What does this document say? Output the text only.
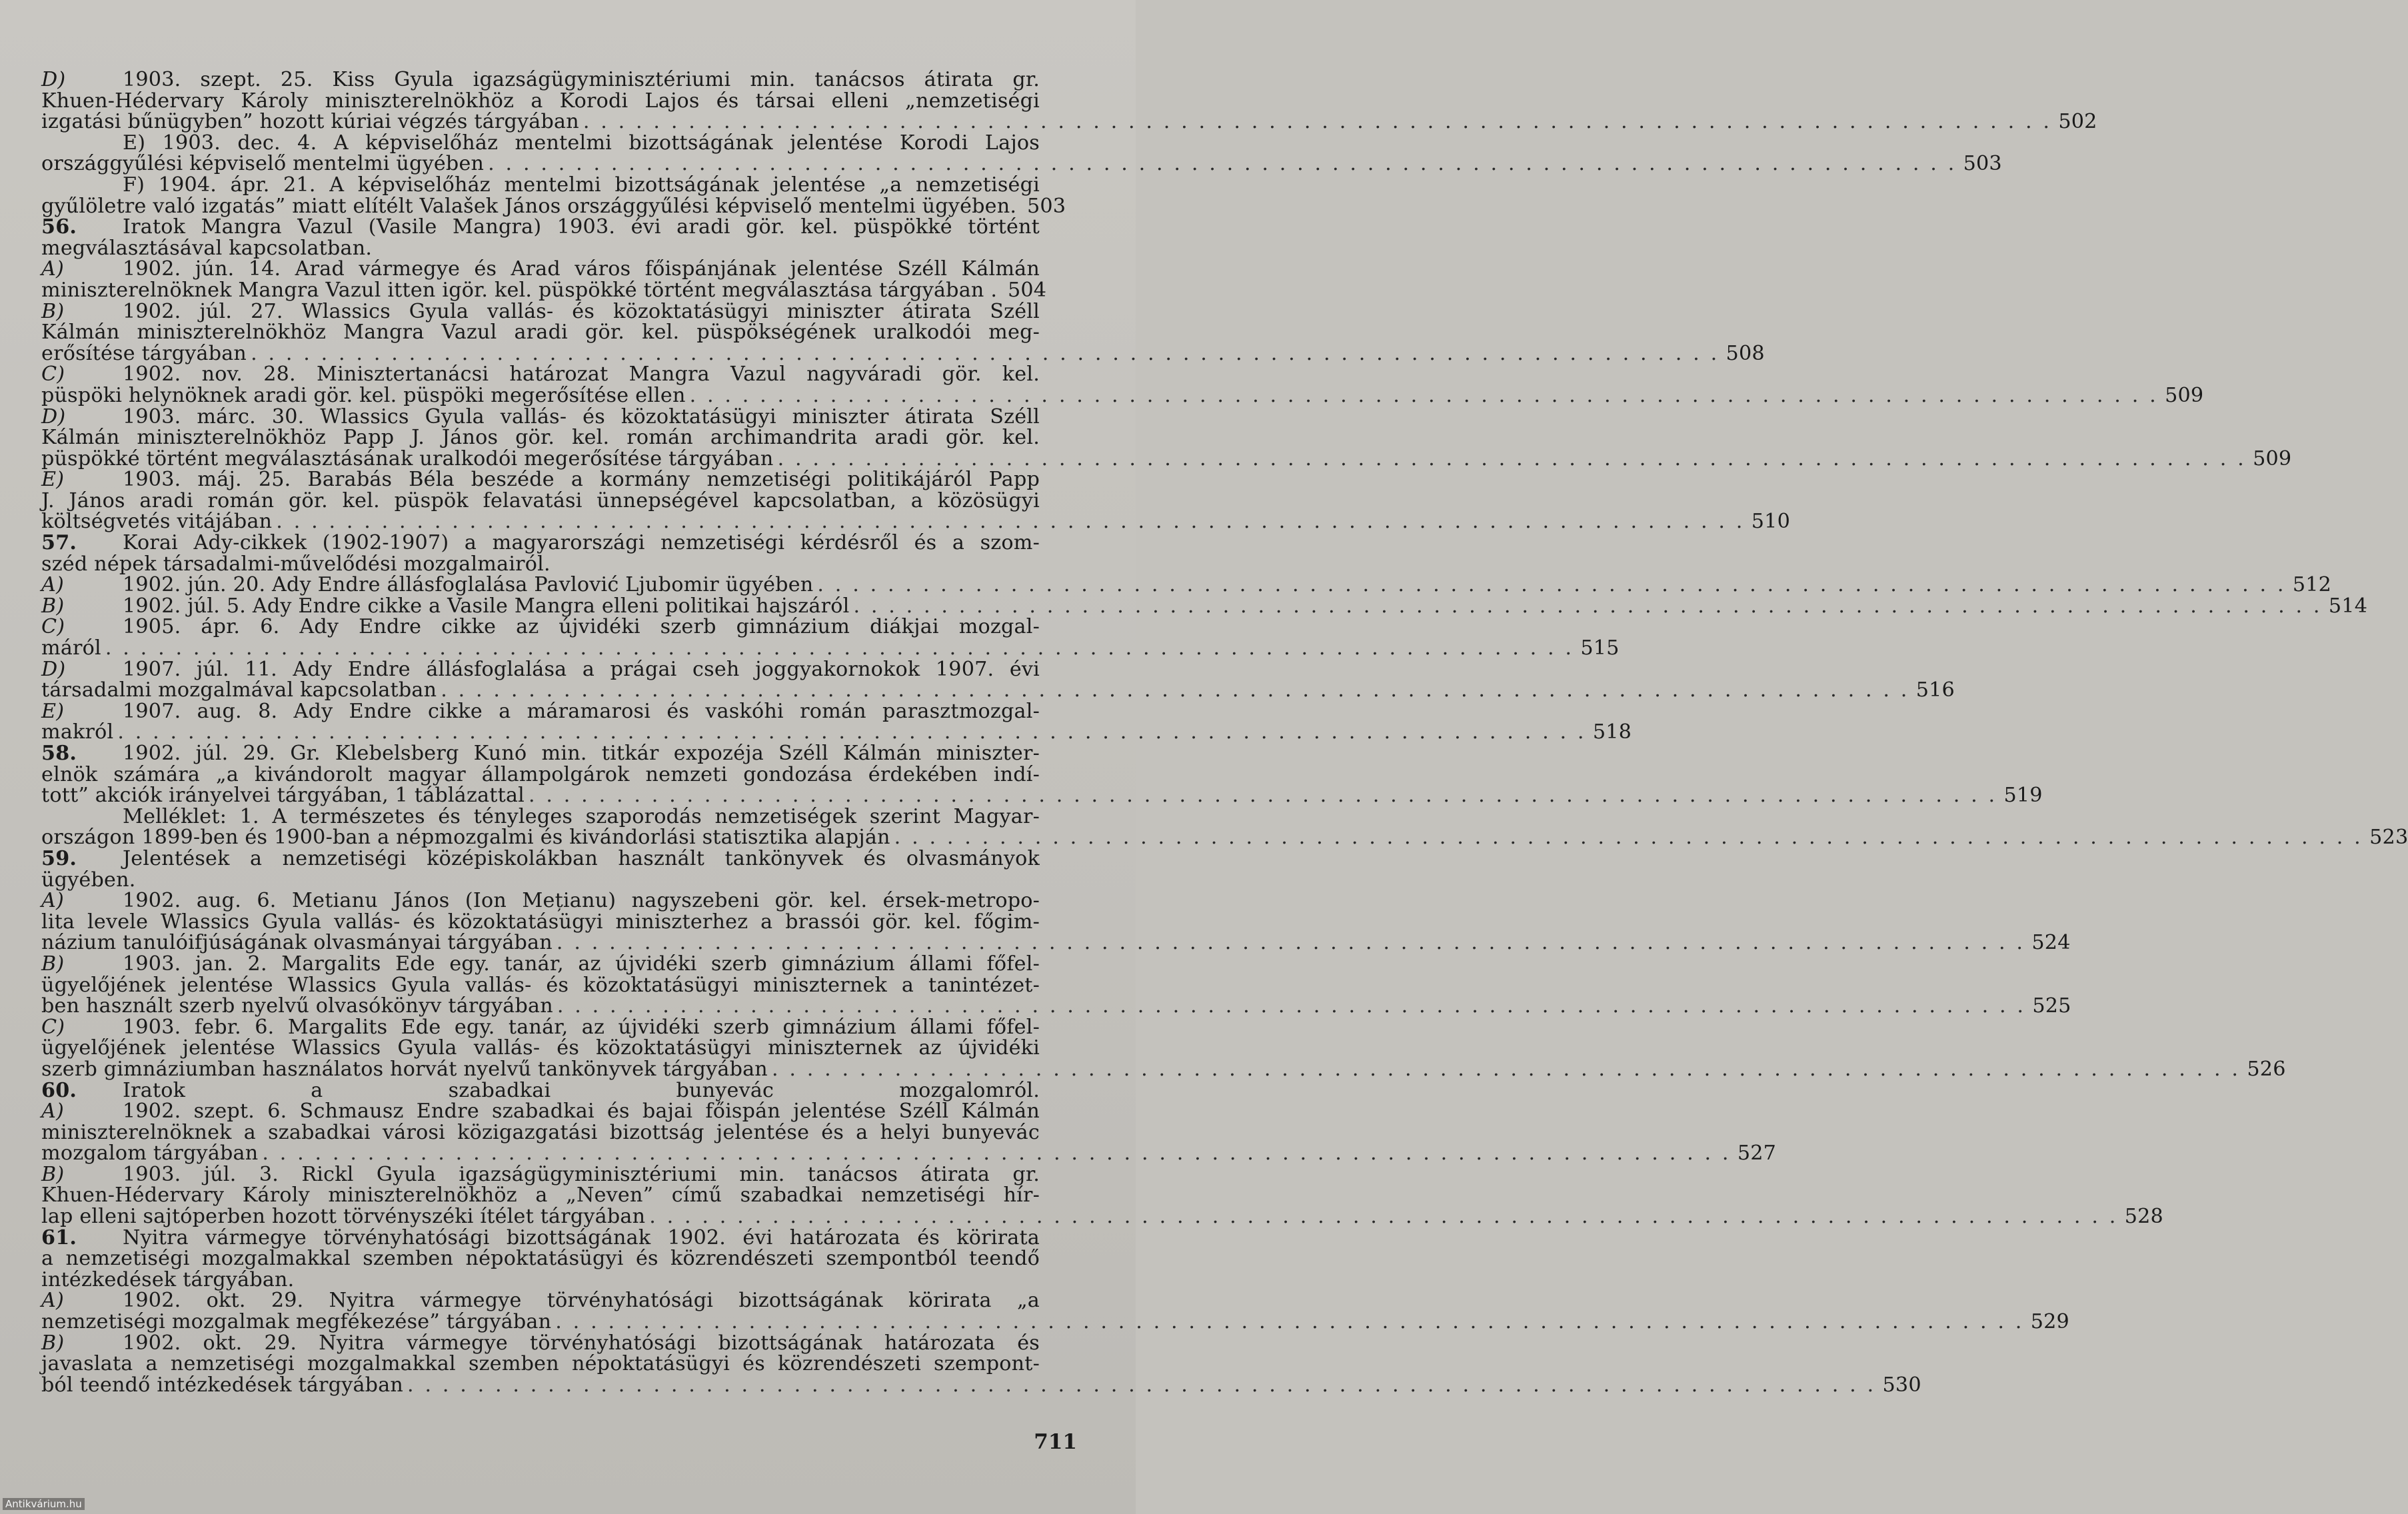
D)	1903. szept. 25. Kiss Gyula igazságügyminisztériumi min. tanácsos átirata gr.
Khuen-Hédervary Károly miniszterelnökhöz a Korodi Lajos és társai elleni „nemzetiségi
izgatási bűnügyben” hozott kúriai végzés tárgyában . . . . . . . . . . . . . . . . . . . . . . . . . . . . . . . . . . . . . . . . . . . . . . . . . . . . . . . . . . . . . . . . . . . . . . . . . . . . . . . . . . . . 502
E) 1903. dec. 4. A képviselőház mentelmi bizottságának jelentése Korodi Lajos
országgyűlési képviselő mentelmi ügyében . . . . . . . . . . . . . . . . . . . . . . . . . . . . . . . . . . . . . . . . . . . . . . . . . . . . . . . . . . . . . . . . . . . . . . . . . . . . . . . . . . . . 503
F) 1904. ápr. 21. A képviselőház mentelmi bizottságának jelentése „a nemzetiségi
gyűlöletre való izgatás” miatt elítélt Valašek János országgyűlési képviselő mentelmi ügyében. 503
56. Iratok Mangra Vazul (Vasile Mangra) 1903. évi aradi gör. kel. püspökké történt
megválasztásával kapcsolatban.
A)	1902. jún. 14. Arad vármegye és Arad város főispánjának jelentése Széll Kálmán
miniszterelnöknek Mangra Vazul itten igör. kel. püspökké történt megválasztása tárgyában . 504
B)	1902. júl. 27. Wlassics Gyula vallás- és közoktatásügyi miniszter átirata Széll
Kálmán miniszterelnökhöz Mangra Vazul aradi gör. kel. püspökségének uralkodói meg-
erősítése tárgyában . . . . . . . . . . . . . . . . . . . . . . . . . . . . . . . . . . . . . . . . . . . . . . . . . . . . . . . . . . . . . . . . . . . . . . . . . . . . . . . . . . . . 508
C)	1902. nov. 28. Minisztertanácsi határozat Mangra Vazul nagyváradi gör. kel.
püspöki helynöknek aradi gör. kel. püspöki megerősítése ellen . . . . . . . . . . . . . . . . . . . . . . . . . . . . . . . . . . . . . . . . . . . . . . . . . . . . . . . . . . . . . . . . . . . . . . . . . . . . . . . . . . . . 509
D)	1903. márc. 30. Wlassics Gyula vallás- és közoktatásügyi miniszter átirata Széll
Kálmán miniszterelnökhöz Papp J. János gör. kel. román archimandrita aradi gör. kel.
püspökké történt megválasztásának uralkodói megerősítése tárgyában . . . . . . . . . . . . . . . . . . . . . . . . . . . . . . . . . . . . . . . . . . . . . . . . . . . . . . . . . . . . . . . . . . . . . . . . . . . . . . . . . . . . 509
E)	1903. máj. 25. Barabás Béla beszéde a kormány nemzetiségi politikájáról Papp
J. János aradi román gör. kel. püspök felavatási ünnepségével kapcsolatban, a közösügyi
költségvetés vitájában . . . . . . . . . . . . . . . . . . . . . . . . . . . . . . . . . . . . . . . . . . . . . . . . . . . . . . . . . . . . . . . . . . . . . . . . . . . . . . . . . . . . 510
57. Korai Ady-cikkek (1902-1907) a magyarországi nemzetiségi kérdésről és a szom-
széd népek társadalmi-művelődési mozgalmairól.
A)	1902. jún. 20. Ady Endre állásfoglalása Pavlović Ljubomir ügyében . . . . . . . . . . . . . . . . . . . . . . . . . . . . . . . . . . . . . . . . . . . . . . . . . . . . . . . . . . . . . . . . . . . . . . . . . . . . . . . . . . . . 512
B)	1902. júl. 5. Ady Endre cikke a Vasile Mangra elleni politikai hajszáról . . . . . . . . . . . . . . . . . . . . . . . . . . . . . . . . . . . . . . . . . . . . . . . . . . . . . . . . . . . . . . . . . . . . . . . . . . . . . . . . . . . . 514
C)	1905. ápr. 6. Ady Endre cikke az újvidéki szerb gimnázium diákjai mozgal-
máról . . . . . . . . . . . . . . . . . . . . . . . . . . . . . . . . . . . . . . . . . . . . . . . . . . . . . . . . . . . . . . . . . . . . . . . . . . . . . . . . . . . . 515
D)	1907. júl. 11. Ady Endre állásfoglalása a prágai cseh joggyakornokok 1907. évi
társadalmi mozgalmával kapcsolatban . . . . . . . . . . . . . . . . . . . . . . . . . . . . . . . . . . . . . . . . . . . . . . . . . . . . . . . . . . . . . . . . . . . . . . . . . . . . . . . . . . . . 516
E)	1907. aug. 8. Ady Endre cikke a máramarosi és vaskóhi román parasztmozgal-
makról . . . . . . . . . . . . . . . . . . . . . . . . . . . . . . . . . . . . . . . . . . . . . . . . . . . . . . . . . . . . . . . . . . . . . . . . . . . . . . . . . . . . 518
58. 1902. júl. 29. Gr. Klebelsberg Kunó min. titkár expozéja Széll Kálmán miniszter-
elnök számára „a kivándorolt magyar állampolgárok nemzeti gondozása érdekében indí-
tott” akciók irányelvei tárgyában, 1 táblázattal . . . . . . . . . . . . . . . . . . . . . . . . . . . . . . . . . . . . . . . . . . . . . . . . . . . . . . . . . . . . . . . . . . . . . . . . . . . . . . . . . . . . 519
Melléklet: 1. A természetes és tényleges szaporodás nemzetiségek szerint Magyar-
országon 1899-ben és 1900-ban a népmozgalmi és kivándorlási statisztika alapján . . . . . . . . . . . . . . . . . . . . . . . . . . . . . . . . . . . . . . . . . . . . . . . . . . . . . . . . . . . . . . . . . . . . . . . . . . . . . . . . . . . . 523
59. Jelentések a nemzetiségi középiskolákban használt tankönyvek és olvasmányok
ügyében.
A)	1902. aug. 6. Metianu János (Ion Mețianu) nagyszebeni gör. kel. érsek-metropo-
lita levele Wlassics Gyula vallás- és közoktatásügyi miniszterhez a brassói gör. kel. főgim-
názium tanulóifjúságának olvasmányai tárgyában . . . . . . . . . . . . . . . . . . . . . . . . . . . . . . . . . . . . . . . . . . . . . . . . . . . . . . . . . . . . . . . . . . . . . . . . . . . . . . . . . . . . 524
B)	1903. jan. 2. Margalits Ede egy. tanár, az újvidéki szerb gimnázium állami főfel-
ügyelőjének jelentése Wlassics Gyula vallás- és közoktatásügyi miniszternek a tanintézet-
ben használt szerb nyelvű olvasókönyv tárgyában . . . . . . . . . . . . . . . . . . . . . . . . . . . . . . . . . . . . . . . . . . . . . . . . . . . . . . . . . . . . . . . . . . . . . . . . . . . . . . . . . . . . 525
C)	1903. febr. 6. Margalits Ede egy. tanár, az újvidéki szerb gimnázium állami főfel-
ügyelőjének jelentése Wlassics Gyula vallás- és közoktatásügyi miniszternek az újvidéki
szerb gimnáziumban használatos horvát nyelvű tankönyvek tárgyában . . . . . . . . . . . . . . . . . . . . . . . . . . . . . . . . . . . . . . . . . . . . . . . . . . . . . . . . . . . . . . . . . . . . . . . . . . . . . . . . . . . . 526
60. Iratok a szabadkai bunyevác mozgalomról.
A)	1902. szept. 6. Schmausz Endre szabadkai és bajai főispán jelentése Széll Kálmán
miniszterelnöknek a szabadkai városi közigazgatási bizottság jelentése és a helyi bunyevác
mozgalom tárgyában . . . . . . . . . . . . . . . . . . . . . . . . . . . . . . . . . . . . . . . . . . . . . . . . . . . . . . . . . . . . . . . . . . . . . . . . . . . . . . . . . . . . 527
B)	1903. júl. 3. Rickl Gyula igazságügyminisztériumi min. tanácsos átirata gr.
Khuen-Hédervary Károly miniszterelnökhöz a „Neven” című szabadkai nemzetiségi hír-
lap elleni sajtóperben hozott törvényszéki ítélet tárgyában . . . . . . . . . . . . . . . . . . . . . . . . . . . . . . . . . . . . . . . . . . . . . . . . . . . . . . . . . . . . . . . . . . . . . . . . . . . . . . . . . . . . 528
61. Nyitra vármegye törvényhatósági bizottságának 1902. évi határozata és köriratа
a nemzetiségi mozgalmakkal szemben népoktatásügyi és közrendészeti szempontból teendő
intézkedések tárgyában.
A)	1902. okt. 29. Nyitra vármegye törvényhatósági bizottságának körirata „a
nemzetiségi mozgalmak megfékezése” tárgyában . . . . . . . . . . . . . . . . . . . . . . . . . . . . . . . . . . . . . . . . . . . . . . . . . . . . . . . . . . . . . . . . . . . . . . . . . . . . . . . . . . . . 529
B)	1902. okt. 29. Nyitra vármegye törvényhatósági bizottságának határozata és
javaslata a nemzetiségi mozgalmakkal szemben népoktatásügyi és közrendészeti szempont-
ból teendő intézkedések tárgyában . . . . . . . . . . . . . . . . . . . . . . . . . . . . . . . . . . . . . . . . . . . . . . . . . . . . . . . . . . . . . . . . . . . . . . . . . . . . . . . . . . . . 530
711
Antikvárium.hu
